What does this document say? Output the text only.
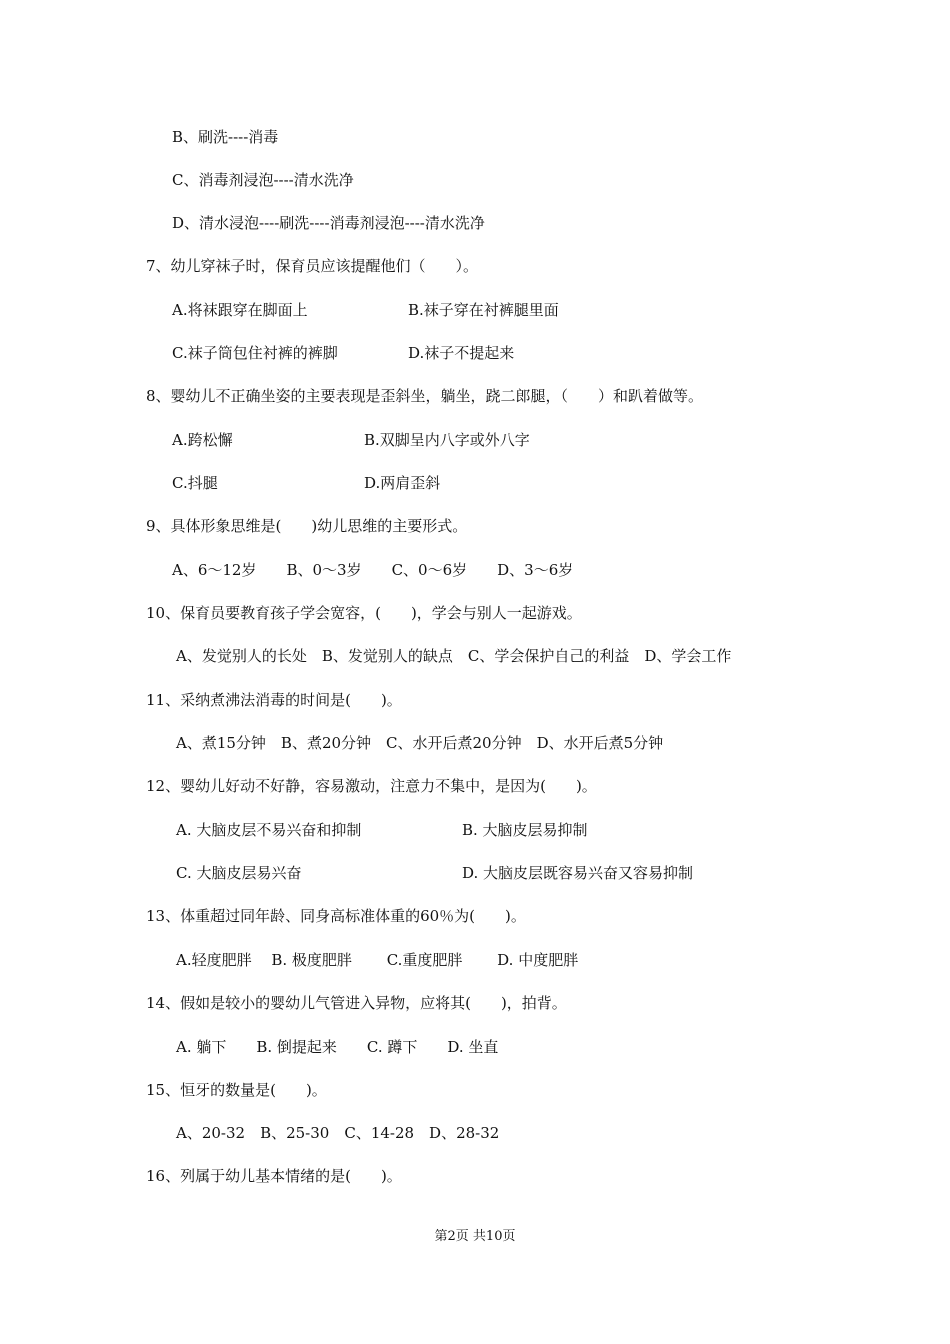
B、刷洗----消毒
C、消毒剂浸泡----清水洗净
D、清水浸泡----刷洗----消毒剂浸泡----清水洗净
7、幼儿穿袜子时，保育员应该提醒他们（　　）。
A.将袜跟穿在脚面上	B.袜子穿在衬裤腿里面
C.袜子筒包住衬裤的裤脚	D.袜子不提起来
8、婴幼儿不正确坐姿的主要表现是歪斜坐，躺坐，跷二郎腿，（　　）和趴着做等。
A.跨松懈	B.双脚呈内八字或外八字
C.抖腿	D.两肩歪斜
9、具体形象思维是(　　)幼儿思维的主要形式。
A、6～12岁　　B、0～3岁　　C、0～6岁　　D、3～6岁
10、保育员要教育孩子学会宽容，(　　)，学会与别人一起游戏。
A、发觉别人的长处　B、发觉别人的缺点　C、学会保护自己的利益　D、学会工作
11、采纳煮沸法消毒的时间是(　　)。
A、煮15分钟　B、煮20分钟　C、水开后煮20分钟　D、水开后煮5分钟
12、婴幼儿好动不好静，容易激动，注意力不集中，是因为(　　)。
A. 大脑皮层不易兴奋和抑制	B. 大脑皮层易抑制
C. 大脑皮层易兴奋	D. 大脑皮层既容易兴奋又容易抑制
13、体重超过同年龄、同身高标准体重的60％为(　　)。
A.轻度肥胖　 B. 极度肥胖　　 C.重度肥胖　　 D. 中度肥胖
14、假如是较小的婴幼儿气管进入异物，应将其(　　)，拍背。
A. 躺下　　B. 倒提起来　　C. 蹲下　　D. 坐直
15、恒牙的数量是(　　)。
A、20-32　B、25-30　C、14-28　D、28-32
16、列属于幼儿基本情绪的是(　　)。
第2页 共10页
